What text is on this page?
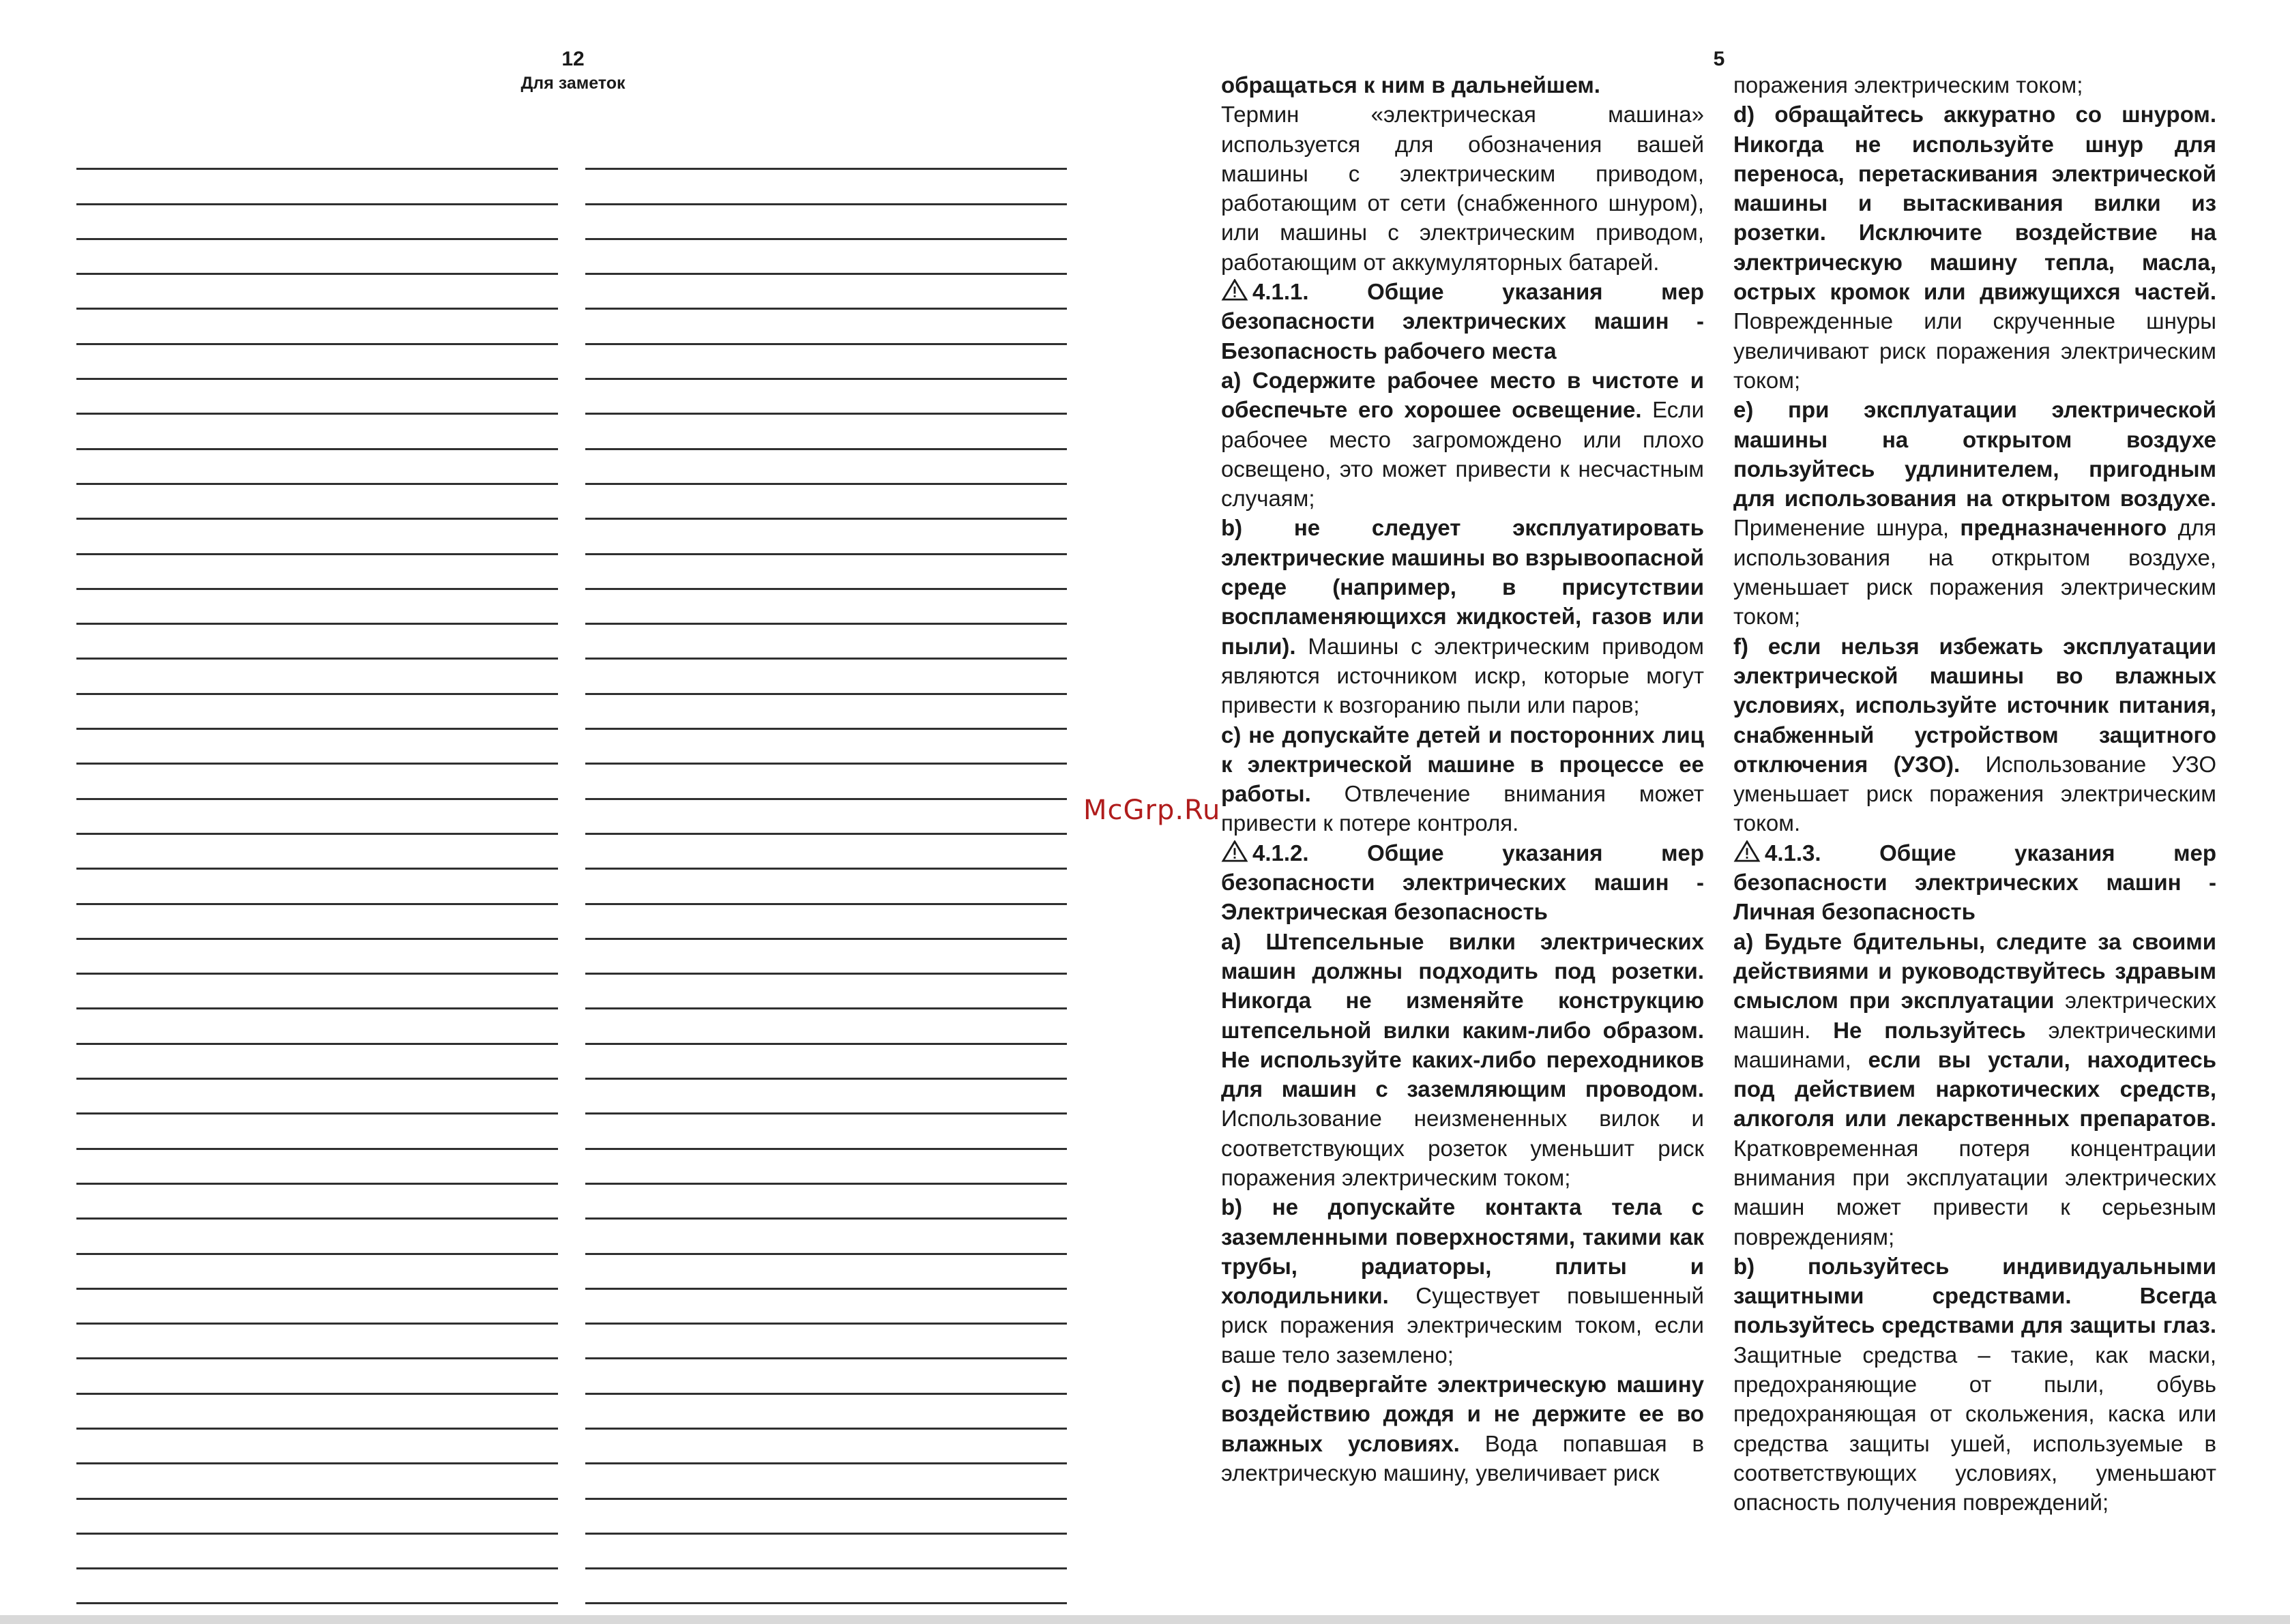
12
Для заметок
5

обращаться к ним в дальнейшем.

Термин «электрическая машина» используется для обозначения вашей машины с электрическим приводом, работающим от сети (снабженного шнуром), или машины с электрическим приводом, работающим от аккумуляторных батарей.

4.1.1. Общие указания мер безопасности электрических машин - Безопасность рабочего места

а) Содержите рабочее место в чистоте и обеспечьте его хорошее освещение. Если рабочее место загромождено или плохо освещено, это может привести к несчастным случаям;

b) не следует эксплуатировать электрические машины во взрывоопасной среде (например, в присутствии воспламеняющихся жидкостей, газов или пыли). Машины с электрическим приводом являются источником искр, которые могут привести к возгоранию пыли или паров;

с) не допускайте детей и посторонних лиц к электрической машине в процессе ее работы. Отвлечение внимания может привести к потере контроля.

4.1.2. Общие указания мер безопасности электрических машин - Электрическая безопасность

а) Штепсельные вилки электрических машин должны подходить под розетки. Никогда не изменяйте конструкцию штепсельной вилки каким-либо образом. Не используйте каких-либо переходников для машин с заземляющим проводом. Использование неизмененных вилок и соответствующих розеток уменьшит риск поражения электрическим током;

b) не допускайте контакта тела с заземленными поверхностями, такими как трубы, радиаторы, плиты и холодильники. Существует повышенный риск поражения электрическим током, если ваше тело заземлено;

с) не подвергайте электрическую машину воздействию дождя и не держите ее во влажных условиях. Вода попавшая в электрическую машину, увеличивает риск

поражения электрическим током;

d) обращайтесь аккуратно со шнуром. Никогда не используйте шнур для переноса, перетаскивания электрической машины и вытаскивания вилки из розетки. Исключите воздействие на электрическую машину тепла, масла, острых кромок или движущихся частей. Поврежденные или скрученные шнуры увеличивают риск поражения электрическим током;

е) при эксплуатации электрической машины на открытом воздухе пользуйтесь удлинителем, пригодным для использования на открытом воздухе. Применение шнура, предназначенного для использования на открытом воздухе, уменьшает риск поражения электрическим током;

f) если нельзя избежать эксплуатации электрической машины во влажных условиях, используйте источник питания, снабженный устройством защитного отключения (УЗО). Использование УЗО уменьшает риск поражения электрическим током.

4.1.3. Общие указания мер безопасности электрических машин - Личная безопасность

а) Будьте бдительны, следите за своими действиями и руководствуйтесь здравым смыслом при эксплуатации электрических машин. Не пользуйтесь электрическими машинами, если вы устали, находитесь под действием наркотических средств, алкоголя или лекарственных препаратов. Кратковременная потеря концентрации внимания при эксплуатации электрических машин может привести к серьезным повреждениям;

b) пользуйтесь индивидуальными защитными средствами. Всегда пользуйтесь средствами для защиты глаз. Защитные средства – такие, как маски, предохраняющие от пыли, обувь предохраняющая от скольжения, каска или средства защиты ушей, используемые в соответствующих условиях, уменьшают опасность получения повреждений;

McGrp.Ru
